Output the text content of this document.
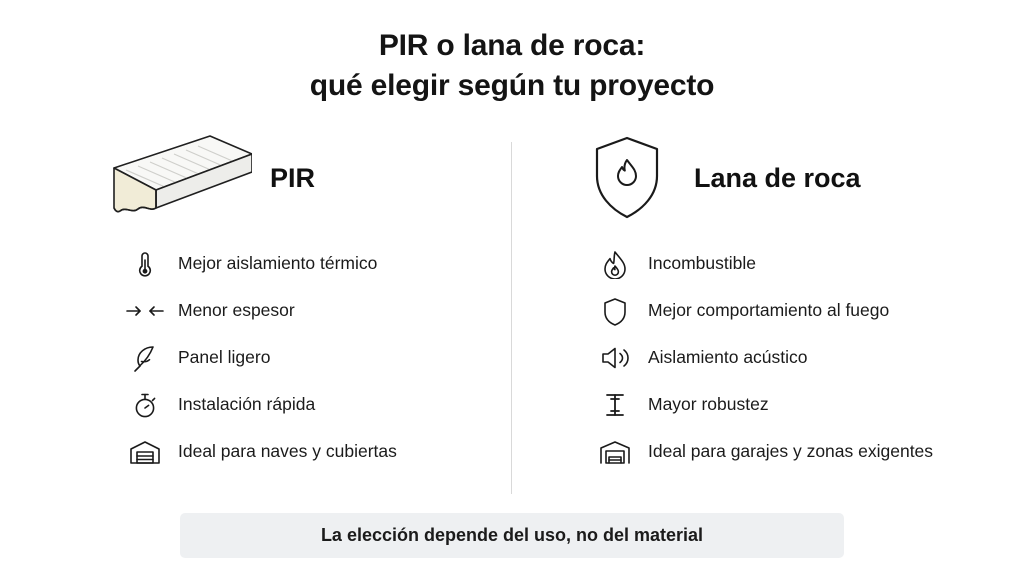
PIR o lana de roca:
qué elegir según tu proyecto
PIR
Mejor aislamiento térmico
Menor espesor
Panel ligero
Instalación rápida
Ideal para naves y cubiertas
Lana de roca
Incombustible
Mejor comportamiento al fuego
Aislamiento acústico
Mayor robustez
Ideal para garajes y zonas exigentes
La elección depende del uso, no del material
